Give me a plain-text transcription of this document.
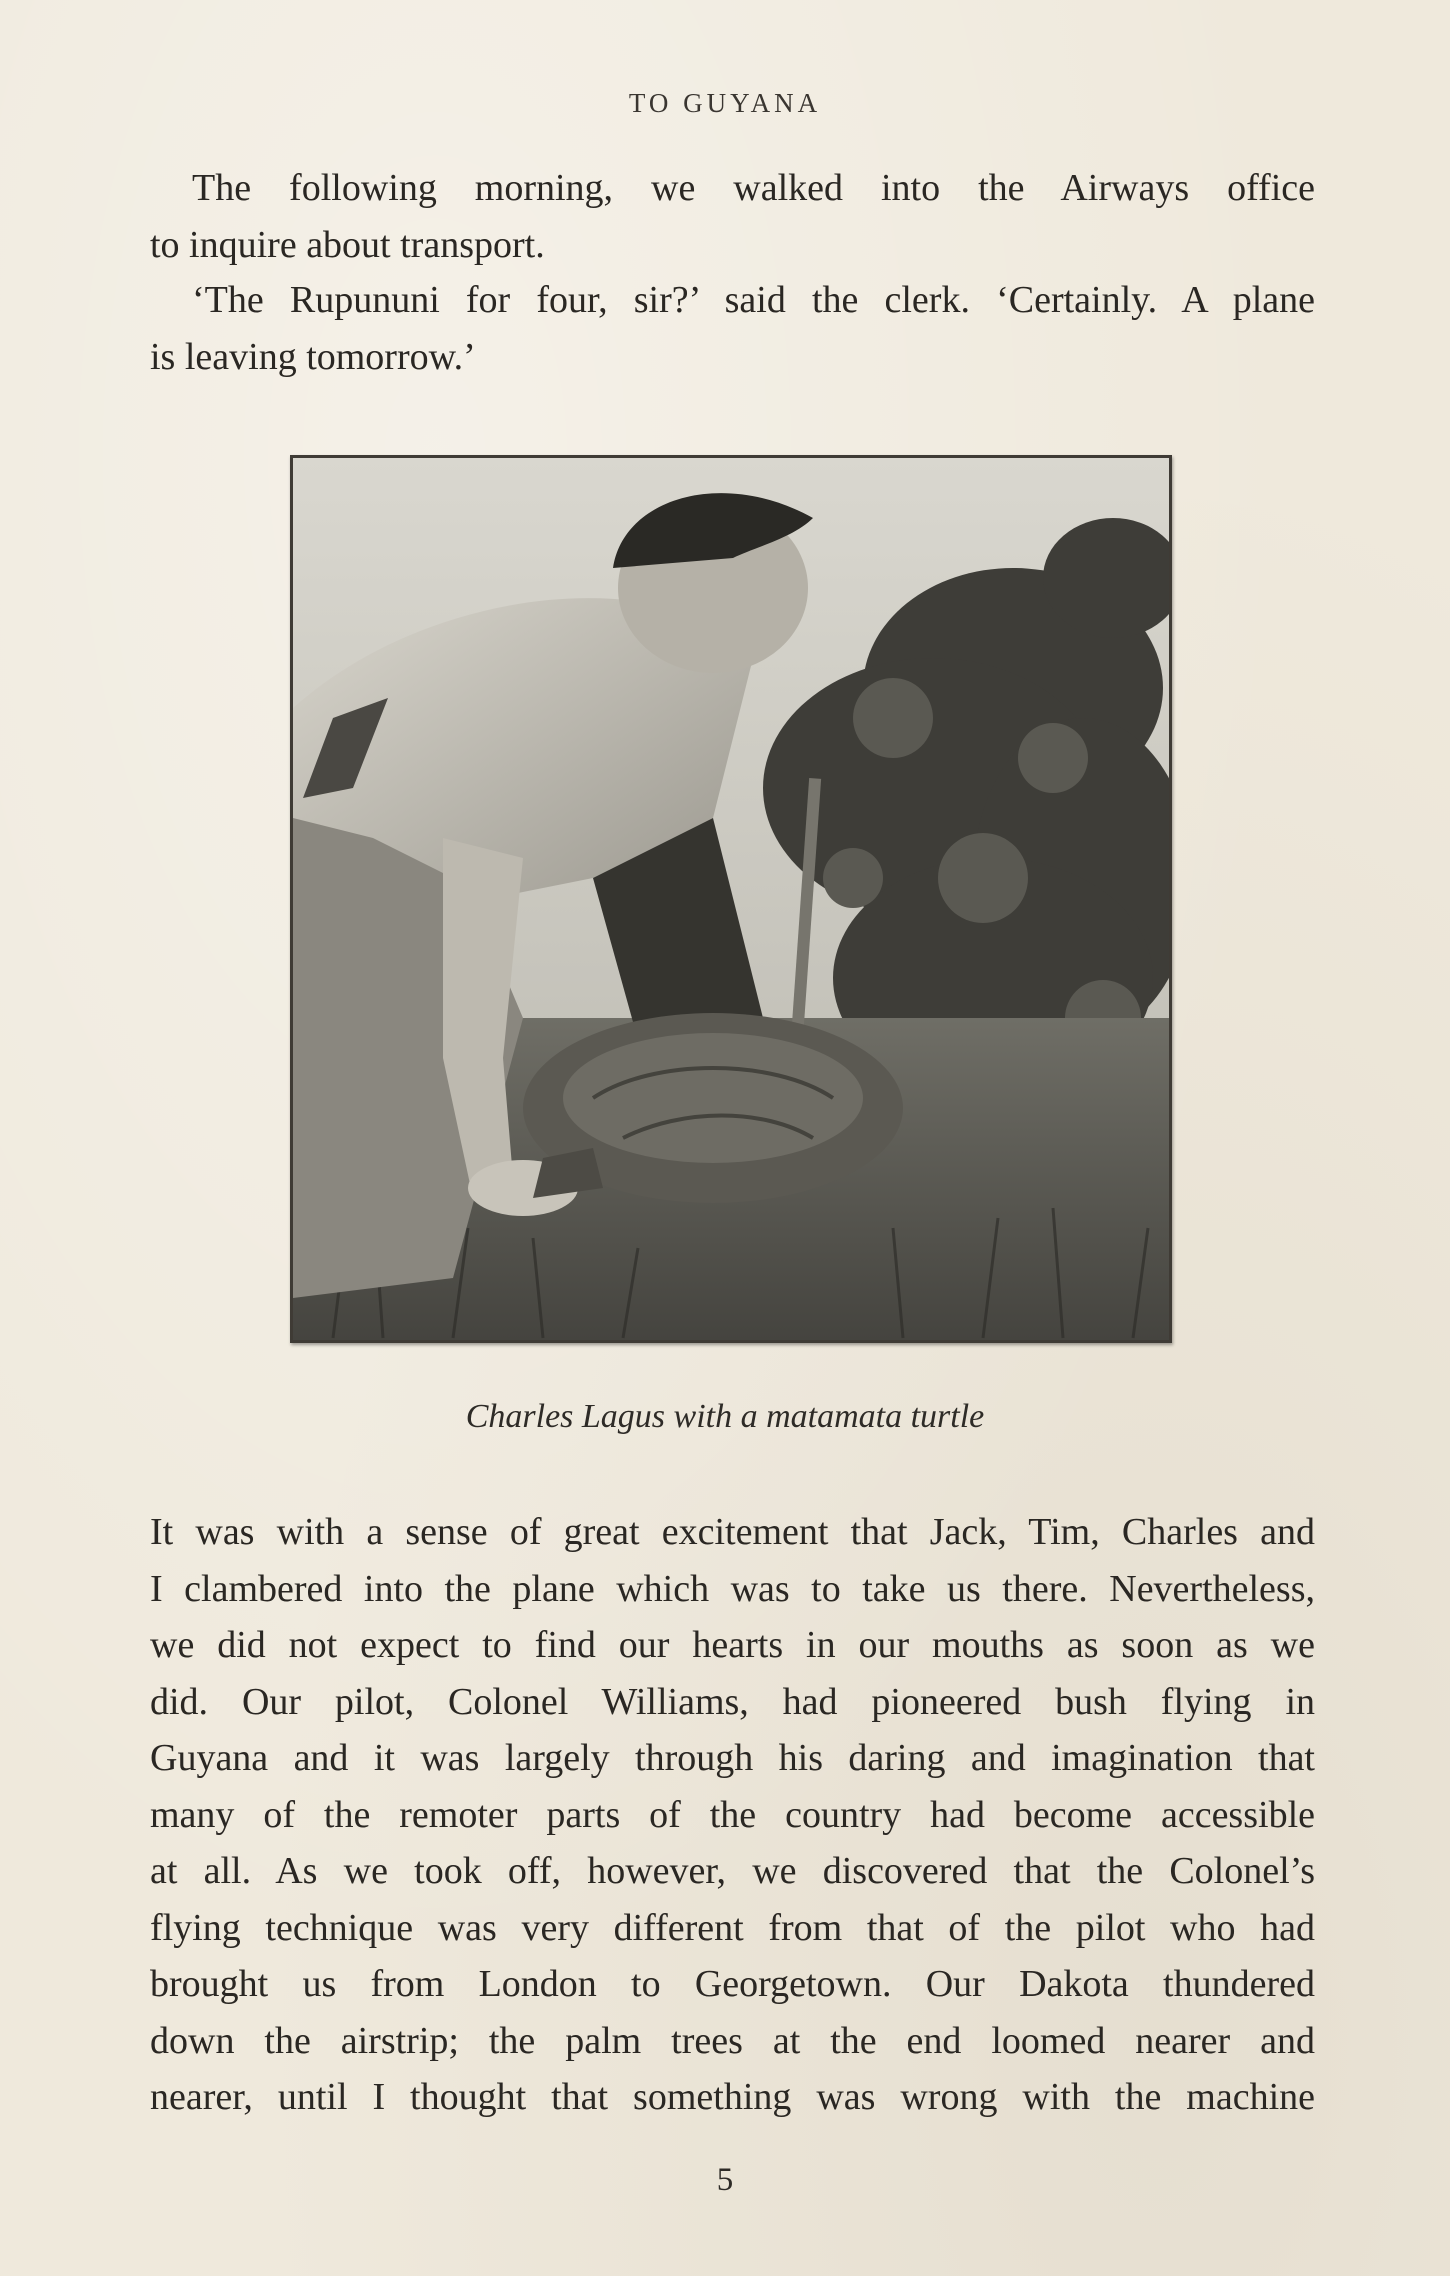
TO GUYANA

The following morning, we walked into the Airways office
to inquire about transport.

‘The Rupununi for four, sir?’ said the clerk. ‘Certainly. A plane
is leaving tomorrow.’

Charles Lagus with a matamata turtle

It was with a sense of great excitement that Jack, Tim, Charles and
I clambered into the plane which was to take us there. Nevertheless,
we did not expect to find our hearts in our mouths as soon as we
did. Our pilot, Colonel Williams, had pioneered bush flying in
Guyana and it was largely through his daring and imagination that
many of the remoter parts of the country had become accessible
at all. As we took off, however, we discovered that the Colonel’s
flying technique was very different from that of the pilot who had
brought us from London to Georgetown. Our Dakota thundered
down the airstrip; the palm trees at the end loomed nearer and
nearer, until I thought that something was wrong with the machine

5
